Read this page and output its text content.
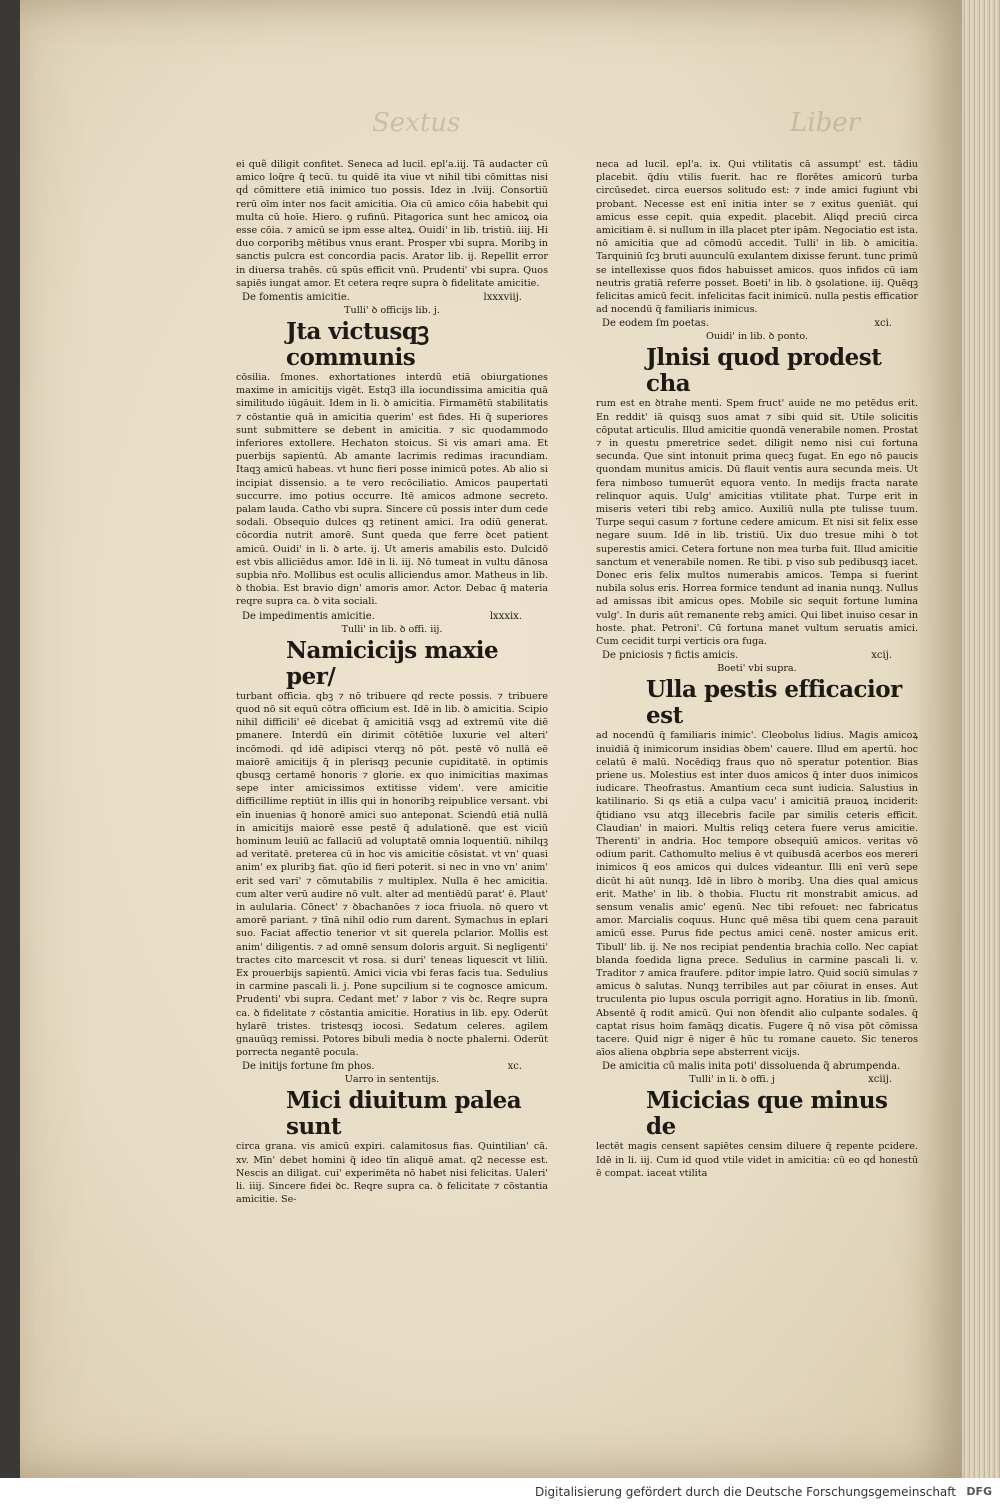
Sextus	Liber

ei quẽ diligit confitet. Seneca ad lucil. epl'a.iij. Tā audacter cū amico loq̃re q̃ tecū. tu quidē ita viue vt nihil tibi cōmittas nisi qḋ cōmittere etiā inimico tuo possis. Idez in .lviij. Consortiū rerū oīm inter nos facit amicitia. Oia cū amico cōia habebit qui multa cū hoīe. Hiero. ꝯ rufinū. Pitagorica sunt hec amicoꝝ oia esse cōia. ⁊ amicū se ipm esse alteꝝ. Ouidi' in lib. tristiū. iiij. Hi duo corporibꝫ mētibus vnus erant. Prosper vbi supra. Moribꝫ in sanctis pulcra est concordia pacis. Arator lib. ij. Repellit error in diuersa trahēs. cū spūs efficit vnū. Prudenti' vbi supra. Quos sapiēs iungat amor. Et cetera reqre supra ꝺ fidelitate amicitie.

De fomentis amicitie.	lxxxviij.

Tulli' ꝺ officijs lib. j.

Jta victusqꝫ communis

cōsilia. ſmones. exhortationes interdū etiā obiurgationes maxime in amicitijs vigēt. Estq3 illa iocundissima amicitia quā similitudo iūgāuit. Idem in li. ꝺ amicitia. Firmamētū stabilitatis ⁊ cōstantie quā in amicitia querim' est fides. Hi q̃ superiores sunt submittere se debent in amicitia. ⁊ sic quodammodo inferiores extollere. Hechaton stoicus. Si vis amari ama. Et puerbijs sapientū. Ab amante lacrimis redimas iracundiam. Itaqꝫ amicū habeas. vt hunc fieri posse inimicū potes. Ab alio si incipiat dissensio. a te vero recōciliatio. Amicos paupertati succurre. imo potius occurre. Itē amicos admone secreto. palam lauda. Catho vbi supra. Sincere cū possis inter dum cede sodali. Obsequio dulces qꝫ retinent amici. Ira odiū generat. cōcordia nutrit amorē. Sunt queda que ferre ꝺcet patient amicū. Ouidi' in li. ꝺ arte. ij. Ut ameris amabilis esto. Dulcidō est vbis alliciēdus amor. Idē in li. iij. Nō tumeat in vultu dānosa supbia nr̄o. Mollibus est oculis alliciendus amor. Matheus in lib. ꝺ thobia. Est bravio dign' amoris amor. Actor. Debac q̃ materia reqre supra ca. ꝺ vita sociali.

De impedimentis amicitie.	lxxxix.

Tulli' in lib. ꝺ offi. iij.

Namicicijs maxie per/

turbant officia. qbꝫ ⁊ nō tribuere qḋ recte possis. ⁊ tribuere quod nō sit equū cōtra officium est. Idē in lib. ꝺ amicitia. Scipio nihil difficili' eē dicebat q̃ amicitiā vsqꝫ ad extremū vite diē pmanere. Interdū eīn dirimit cōtētiōe luxurie vel alteri' incōmodi. qḋ idē adipisci vterqꝫ nō pōt. pestē vō nullā eē maiorē amicitijs q̃ in plerisqꝫ pecunie cupiditatē. in optimis qbusqꝫ certamē honoris ⁊ glorie. ex quo inimicitias maximas sepe inter amicissimos extitisse videm'. vere amicitie difficillime reptiūt in illis qui in honoribꝫ reipublice versant. vbi eīn inuenias q̃ honorē amici suo anteponat. Sciendū etiā nullā in amicitijs maiorē esse pestē q̃ adulationē. que est viciū hominum leuiū ac fallaciū ad voluptatē omnia loquentiū. nihilqꝫ ad veritatē. preterea cū in hoc vis amicitie cōsistat. vt vn' quasi anim' ex pluribꝫ fiat. qūo id fieri poterit. si nec in vno vn' anim' erit sed vari' ⁊ cōmutabilis ⁊ multiplex. Nulla ē hec amicitia. cum alter verū audire nō vult. alter ad mentiēdū parat' ē. Plaut' in aulularia. Cōnect' ⁊ ꝺbachanōes ⁊ ioca friuola. nō quero vt amorē pariant. ⁊ tīnā nihil odio rum darent. Symachus in eplari suo. Faciat affectio tenerior vt sit querela pclarior. Mollis est anim' diligentis. ⁊ ad omnē sensum doloris arguit. Si negligenti' tractes cito marcescit vt rosa. si duri' teneas liquescit vt liliū. Ex prouerbijs sapientū. Amici vicia vbi feras facis tua. Sedulius in carmine pascali li. j. Pone supcilium si te cognosce amicum. Prudenti' vbi supra. Cedant met' ⁊ labor ⁊ vis ꝺc. Reqre supra ca. ꝺ fidelitate ⁊ cōstantia amicitie. Horatius in lib. epy. Oderūt hylarē tristes. tristesqꝫ iocosi. Sedatum celeres. agilem gnauūqꝫ remissi. Potores bibuli media ꝺ nocte phalerni. Oderūt porrecta negantē pocula.

De initijs fortune ſm phos.	xc.

Uarro in sententijs.

Mici diuitum palea sunt

circa grana. vis amicū expiri. calamitosus fias. Quintilian' cā. xv. Mīn' debet homini q̃ ideo tīn aliquē amat. q2 necesse est. Nescis an diligat. cui' experimēta nō habet nisi felicitas. Ualeri' li. iiij. Sincere fidei ꝺc. Reqre supra ca. ꝺ felicitate ⁊ cōstantia amicitie. Se-

neca ad lucil. epl'a. ix. Qui vtilitatis cā assumpt' est. tādiu placebit. q̃diu vtilis fuerit. hac re florētes amicorū turba circūsedet. circa euersos solitudo est: ⁊ inde amici fugiunt vbi probant. Necesse est enī initia inter se ⁊ exitus ꝯuenīāt. qui amicus esse cepit. quia expedit. placebit. Aliqḋ preciū circa amicitiam ē. si nullum in illa placet pter ipām. Negociatio est ista. nō amicitia que ad cōmodū accedit. Tulli' in lib. ꝺ amicitia. Tarquiniū ſcꝫ bruti auunculū exulantem dixisse ferunt. tunc primū se intellexisse quos fidos habuisset amicos. quos infidos cū iam neutris gratiā referre posset. Boeti' in lib. ꝺ ꝯsolatione. iij. Quēqꝫ felicitas amicū fecit. infelicitas facit inimicū. nulla pestis efficatior ad nocendū q̃ familiaris inimicus.

De eodem ſm poetas.	xci.

Ouidi' in lib. ꝺ ponto.

Jlnisi quod prodest cha

rum est en ꝺtrahe menti. Spem fruct' auide ne mo petēdus erit. En reddit' iā quisqꝫ suos amat ⁊ sibi quid sit. Utile solicitis cōputat articulis. Illud amicitie quondā venerabile nomen. Prostat ⁊ in questu pmeretrice sedet. diligit nemo nisi cui fortuna secunda. Que sint intonuit prima quecꝫ fugat. En ego nō paucis quondam munitus amicis. Dū flauit ventis aura secunda meis. Ut fera nimboso tumuerūt equora vento. In medijs fracta narate relinquor aquis. Uulg' amicitias vtilitate phat. Turpe erit in miseris veteri tibi rebꝫ amico. Auxiliū nulla pte tulisse tuum. Turpe sequi casum ⁊ fortune cedere amicum. Et nisi sit felix esse negare suum. Idē in lib. tristiū. Uix duo tresue mihi ꝺ tot superestis amici. Cetera fortune non mea turba fuit. Illud amicitie sanctum et venerabile nomen. Re tibi. p viso sub pedibusqꝫ iacet. Donec eris felix multos numerabis amicos. Tempa si fuerint nubila solus eris. Horrea formice tendunt ad inania nunqꝫ. Nullus ad amissas ibit amicus opes. Mobile sic sequit fortune lumina vulg'. In duris aūt remanente rebꝫ amici. Qui libet inuiso cesar in hoste. phat. Petroni'. Cū fortuna manet vultum seruatis amici. Cum cecidit turpi verticis ora fuga.

De pniciosis ⁊ fictis amicis.	xcij.

Boeti' vbi supra.

Ulla pestis efficacior est

ad nocendū q̃ familiaris inimic'. Cleobolus lidius. Magis amicoꝝ inuidiā q̃ inimicorum insidias ꝺbem' cauere. Illud em apertū. hoc celatū ē malū. Nocēdiqꝫ fraus quo nō speratur potentior. Bias priene us. Molestius est inter duos amicos q̃ inter duos inimicos iudicare. Theofrastus. Amantium ceca sunt iudicia. Salustius in katilinario. Si qs etiā a culpa vacu' i amicitiā prauoꝝ inciderit: q̃tidiano vsu atqꝫ illecebris facile par similis ceteris efficit. Claudian' in maiori. Multis reliqꝫ cetera fuere verus amicitie. Therenti' in andria. Hoc tempore obsequiū amicos. veritas vō odium parit. Cathomulto melius ē vt quibusdā acerbos eos mereri inimicos q̃ eos amicos qui dulces videantur. Illi enī verū sepe dicūt hi aūt nunqꝫ. Idē in libro ꝺ moribꝫ. Una dies qual amicus erit. Mathe' in lib. ꝺ thobia. Fluctu rit monstrabit amicus. ad sensum venalis amic' egenū. Nec tibi refouet: nec fabricatus amor. Marcialis coquus. Hunc quē mēsa tibi quem cena parauit amicū esse. Purus fide pectus amici cenē. noster amicus erit. Tibull' lib. ij. Ne nos recipiat pendentia brachia collo. Nec capiat blanda foedida ligna prece. Sedulius in carmine pascali li. v. Traditor ⁊ amica fraufere. pditor impie latro. Quid sociū simulas ⁊ amicus ꝺ salutas. Nunqꝫ terribiles aut par cōiurat in enses. Aut truculenta pio lupus oscula porrigit agno. Horatius in lib. ſmonū. Absentē q̃ rodit amicū. Qui non ꝺfendit alio culpante sodales. q̃ captat risus hoim famāqꝫ dicatis. Fugere q̃ nō visa pōt cōmissa tacere. Quid nigr ē niger ē hūc tu romane caueto. Sic teneros aīos aliena obꝓbria sepe absterrent vicijs.

De amicitia cū malis inita poti' dissoluenda q̃ abrumpenda.
xciij.

Tulli' in li. ꝺ offi. j

Micicias que minus de

lectēt magis censent sapiētes censim diluere q̃ repente pcidere. Idē in li. iij. Cum id quod vtile videt in amicitia: cū eo qḋ honestū ē compat. iaceat vtilita

Digitalisierung gefördert durch die Deutsche Forschungsgemeinschaft DFG
